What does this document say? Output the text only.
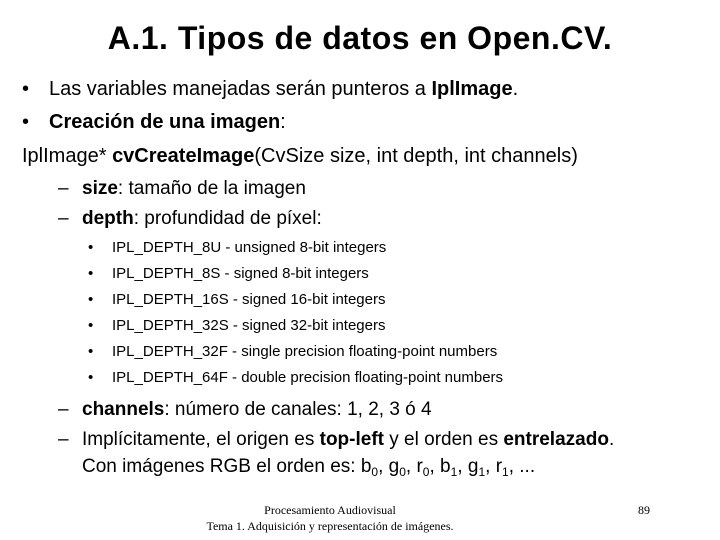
A.1. Tipos de datos en Open.CV.
• Las variables manejadas serán punteros a IplImage.
• Creación de una imagen:
IplImage* cvCreateImage(CvSize size, int depth, int channels)
– size: tamaño de la imagen
– depth: profundidad de píxel:
• IPL_DEPTH_8U - unsigned 8-bit integers
• IPL_DEPTH_8S - signed 8-bit integers
• IPL_DEPTH_16S - signed 16-bit integers
• IPL_DEPTH_32S - signed 32-bit integers
• IPL_DEPTH_32F - single precision floating-point numbers
• IPL_DEPTH_64F - double precision floating-point numbers
– channels: número de canales: 1, 2, 3 ó 4
– Implícitamente, el origen es top-left y el orden es entrelazado.
Con imágenes RGB el orden es: $b_0$, $g_0$, $r_0$, $b_1$, $g_1$, $r_1$, ...
Procesamiento Audiovisual
Tema 1. Adquisición y representación de imágenes.
89
